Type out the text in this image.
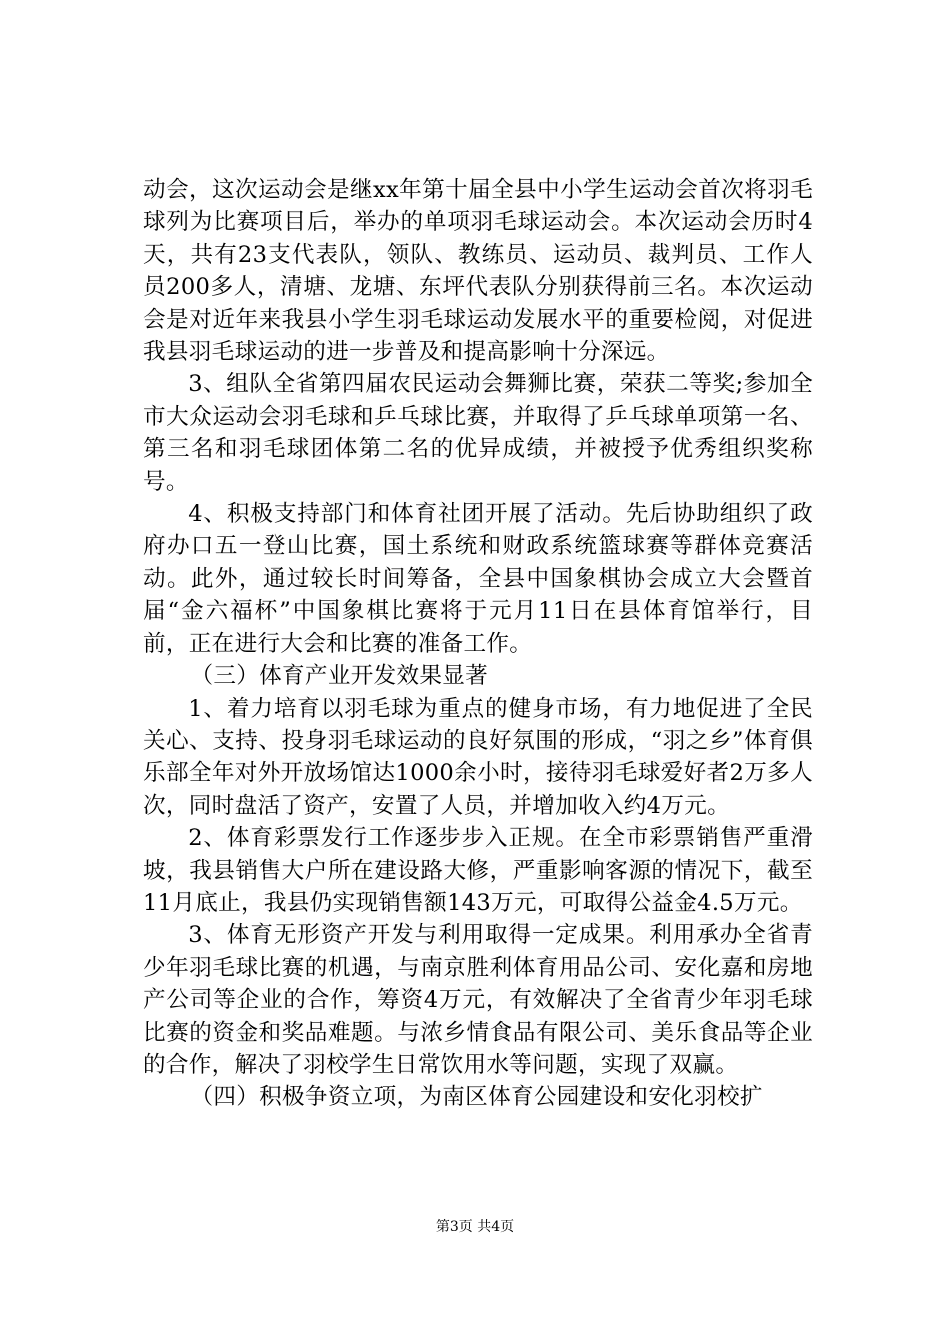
动会，这次运动会是继xx年第十届全县中小学生运动会首次将羽毛球列为比赛项目后，举办的单项羽毛球运动会。本次运动会历时4天，共有23支代表队，领队、教练员、运动员、裁判员、工作人员200多人，清塘、龙塘、东坪代表队分别获得前三名。本次运动会是对近年来我县小学生羽毛球运动发展水平的重要检阅，对促进我县羽毛球运动的进一步普及和提高影响十分深远。

3、组队全省第四届农民运动会舞狮比赛，荣获二等奖;参加全市大众运动会羽毛球和乒乓球比赛，并取得了乒乓球单项第一名、第三名和羽毛球团体第二名的优异成绩，并被授予优秀组织奖称号。

4、积极支持部门和体育社团开展了活动。先后协助组织了政府办口五一登山比赛，国土系统和财政系统篮球赛等群体竞赛活动。此外，通过较长时间筹备，全县中国象棋协会成立大会暨首届“金六福杯”中国象棋比赛将于元月11日在县体育馆举行，目前，正在进行大会和比赛的准备工作。

（三）体育产业开发效果显著

1、着力培育以羽毛球为重点的健身市场，有力地促进了全民关心、支持、投身羽毛球运动的良好氛围的形成，“羽之乡”体育俱乐部全年对外开放场馆达1000余小时，接待羽毛球爱好者2万多人次，同时盘活了资产，安置了人员，并增加收入约4万元。

2、体育彩票发行工作逐步步入正规。在全市彩票销售严重滑坡，我县销售大户所在建设路大修，严重影响客源的情况下，截至11月底止，我县仍实现销售额143万元，可取得公益金4.5万元。

3、体育无形资产开发与利用取得一定成果。利用承办全省青少年羽毛球比赛的机遇，与南京胜利体育用品公司、安化嘉和房地产公司等企业的合作，筹资4万元，有效解决了全省青少年羽毛球比赛的资金和奖品难题。与浓乡情食品有限公司、美乐食品等企业的合作，解决了羽校学生日常饮用水等问题，实现了双赢。

（四）积极争资立项，为南区体育公园建设和安化羽校扩

第3页 共4页
